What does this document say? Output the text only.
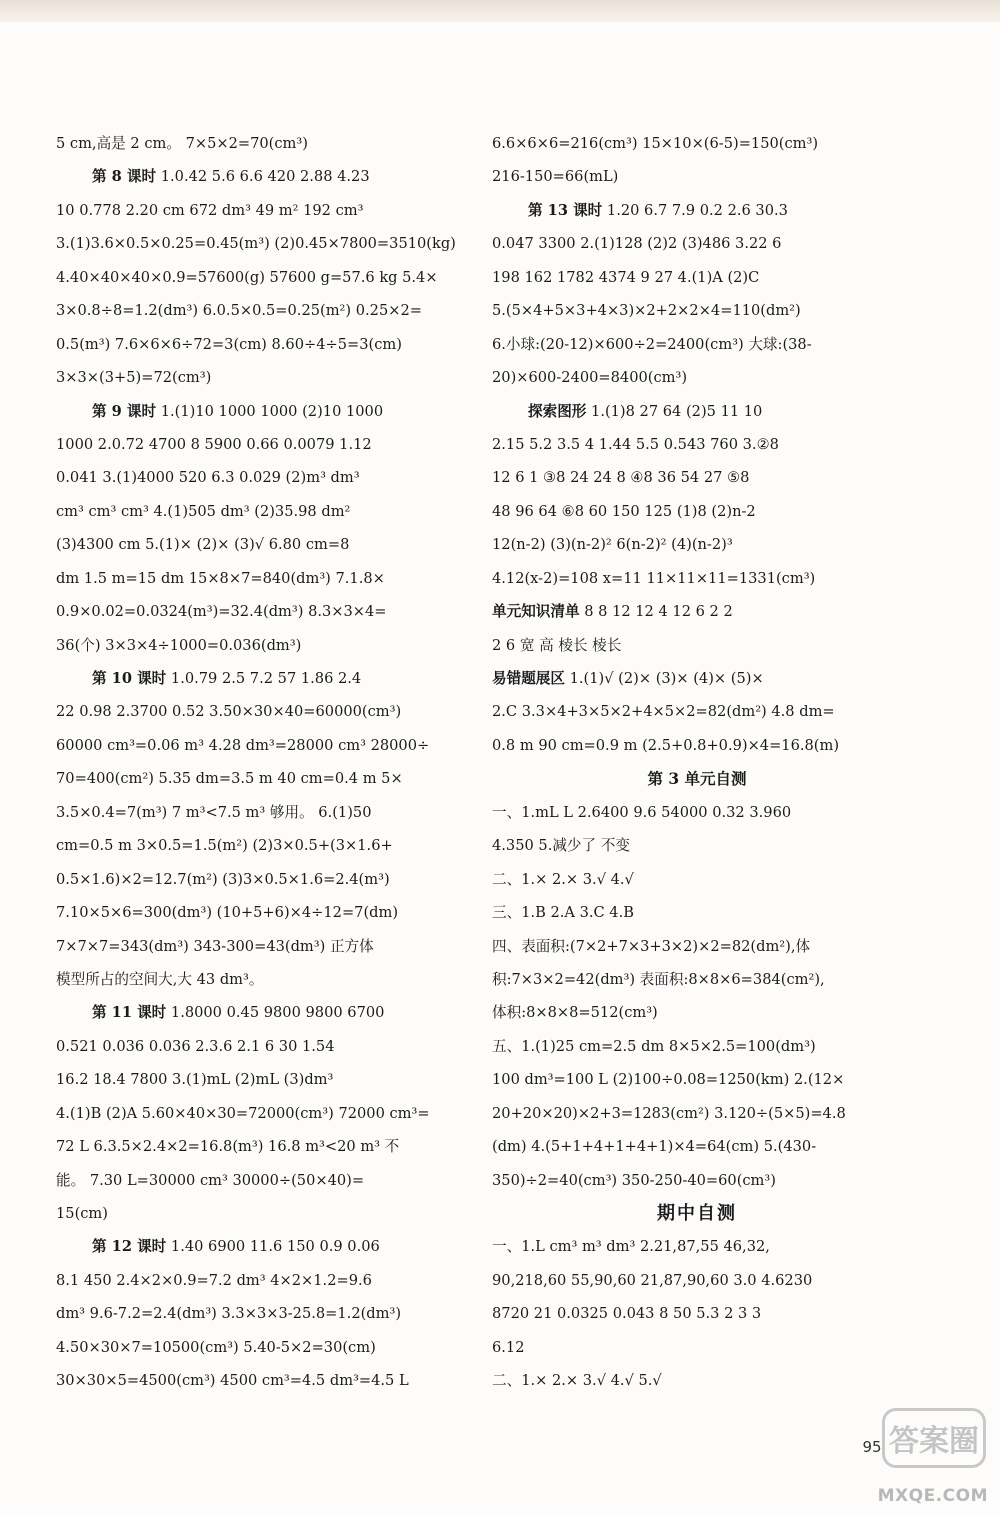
5 cm,高是 2 cm。 7×5×2=70(cm³)
第 8 课时 1.0.42 5.6 6.6 420 2.88 4.23
10 0.778 2.20 cm 672 dm³ 49 m² 192 cm³
3.(1)3.6×0.5×0.25=0.45(m³) (2)0.45×7800=3510(kg)
4.40×40×40×0.9=57600(g) 57600 g=57.6 kg 5.4×
3×0.8÷8=1.2(dm³) 6.0.5×0.5=0.25(m²) 0.25×2=
0.5(m³) 7.6×6×6÷72=3(cm) 8.60÷4÷5=3(cm)
3×3×(3+5)=72(cm³)
第 9 课时 1.(1)10 1000 1000 (2)10 1000
1000 2.0.72 4700 8 5900 0.66 0.0079 1.12
0.041 3.(1)4000 520 6.3 0.029 (2)m³ dm³
cm³ cm³ cm³ 4.(1)505 dm³ (2)35.98 dm²
(3)4300 cm 5.(1)× (2)× (3)√ 6.80 cm=8
dm 1.5 m=15 dm 15×8×7=840(dm³) 7.1.8×
0.9×0.02=0.0324(m³)=32.4(dm³) 8.3×3×4=
36(个) 3×3×4÷1000=0.036(dm³)
第 10 课时 1.0.79 2.5 7.2 57 1.86 2.4
22 0.98 2.3700 0.52 3.50×30×40=60000(cm³)
60000 cm³=0.06 m³ 4.28 dm³=28000 cm³ 28000÷
70=400(cm²) 5.35 dm=3.5 m 40 cm=0.4 m 5×
3.5×0.4=7(m³) 7 m³<7.5 m³ 够用。 6.(1)50
cm=0.5 m 3×0.5=1.5(m²) (2)3×0.5+(3×1.6+
0.5×1.6)×2=12.7(m²) (3)3×0.5×1.6=2.4(m³)
7.10×5×6=300(dm³) (10+5+6)×4÷12=7(dm)
7×7×7=343(dm³) 343-300=43(dm³) 正方体
模型所占的空间大,大 43 dm³。
第 11 课时 1.8000 0.45 9800 9800 6700
0.521 0.036 0.036 2.3.6 2.1 6 30 1.54
16.2 18.4 7800 3.(1)mL (2)mL (3)dm³
4.(1)B (2)A 5.60×40×30=72000(cm³) 72000 cm³=
72 L 6.3.5×2.4×2=16.8(m³) 16.8 m³<20 m³ 不
能。 7.30 L=30000 cm³ 30000÷(50×40)=
15(cm)
第 12 课时 1.40 6900 11.6 150 0.9 0.06
8.1 450 2.4×2×0.9=7.2 dm³ 4×2×1.2=9.6
dm³ 9.6-7.2=2.4(dm³) 3.3×3×3-25.8=1.2(dm³)
4.50×30×7=10500(cm³) 5.40-5×2=30(cm)
30×30×5=4500(cm³) 4500 cm³=4.5 dm³=4.5 L
6.6×6×6=216(cm³) 15×10×(6-5)=150(cm³)
216-150=66(mL)
第 13 课时 1.20 6.7 7.9 0.2 2.6 30.3
0.047 3300 2.(1)128 (2)2 (3)486 3.22 6
198 162 1782 4374 9 27 4.(1)A (2)C
5.(5×4+5×3+4×3)×2+2×2×4=110(dm²)
6.小球:(20-12)×600÷2=2400(cm³) 大球:(38-
20)×600-2400=8400(cm³)
探索图形 1.(1)8 27 64 (2)5 11 10
2.15 5.2 3.5 4 1.44 5.5 0.543 760 3.②8
12 6 1 ③8 24 24 8 ④8 36 54 27 ⑤8
48 96 64 ⑥8 60 150 125 (1)8 (2)n-2
12(n-2) (3)(n-2)² 6(n-2)² (4)(n-2)³
4.12(x-2)=108 x=11 11×11×11=1331(cm³)
单元知识清单 8 8 12 12 4 12 6 2 2
2 6 宽 高 棱长 棱长
易错题展区 1.(1)√ (2)× (3)× (4)× (5)×
2.C 3.3×4+3×5×2+4×5×2=82(dm²) 4.8 dm=
0.8 m 90 cm=0.9 m (2.5+0.8+0.9)×4=16.8(m)
第 3 单元自测
一、1.mL L 2.6400 9.6 54000 0.32 3.960
4.350 5.减少了 不变
二、1.× 2.× 3.√ 4.√
三、1.B 2.A 3.C 4.B
四、表面积:(7×2+7×3+3×2)×2=82(dm²),体
积:7×3×2=42(dm³) 表面积:8×8×6=384(cm²),
体积:8×8×8=512(cm³)
五、1.(1)25 cm=2.5 dm 8×5×2.5=100(dm³)
100 dm³=100 L (2)100÷0.08=1250(km) 2.(12×
20+20×20)×2+3=1283(cm²) 3.120÷(5×5)=4.8
(dm) 4.(5+1+4+1+4+1)×4=64(cm) 5.(430-
350)÷2=40(cm³) 350-250-40=60(cm³)
期中自测
一、1.L cm³ m³ dm³ 2.21,87,55 46,32,
90,218,60 55,90,60 21,87,90,60 3.0 4.6230
8720 21 0.0325 0.043 8 50 5.3 2 3 3
6.12
二、1.× 2.× 3.√ 4.√ 5.√
95 答案圈
MXQE.COM
